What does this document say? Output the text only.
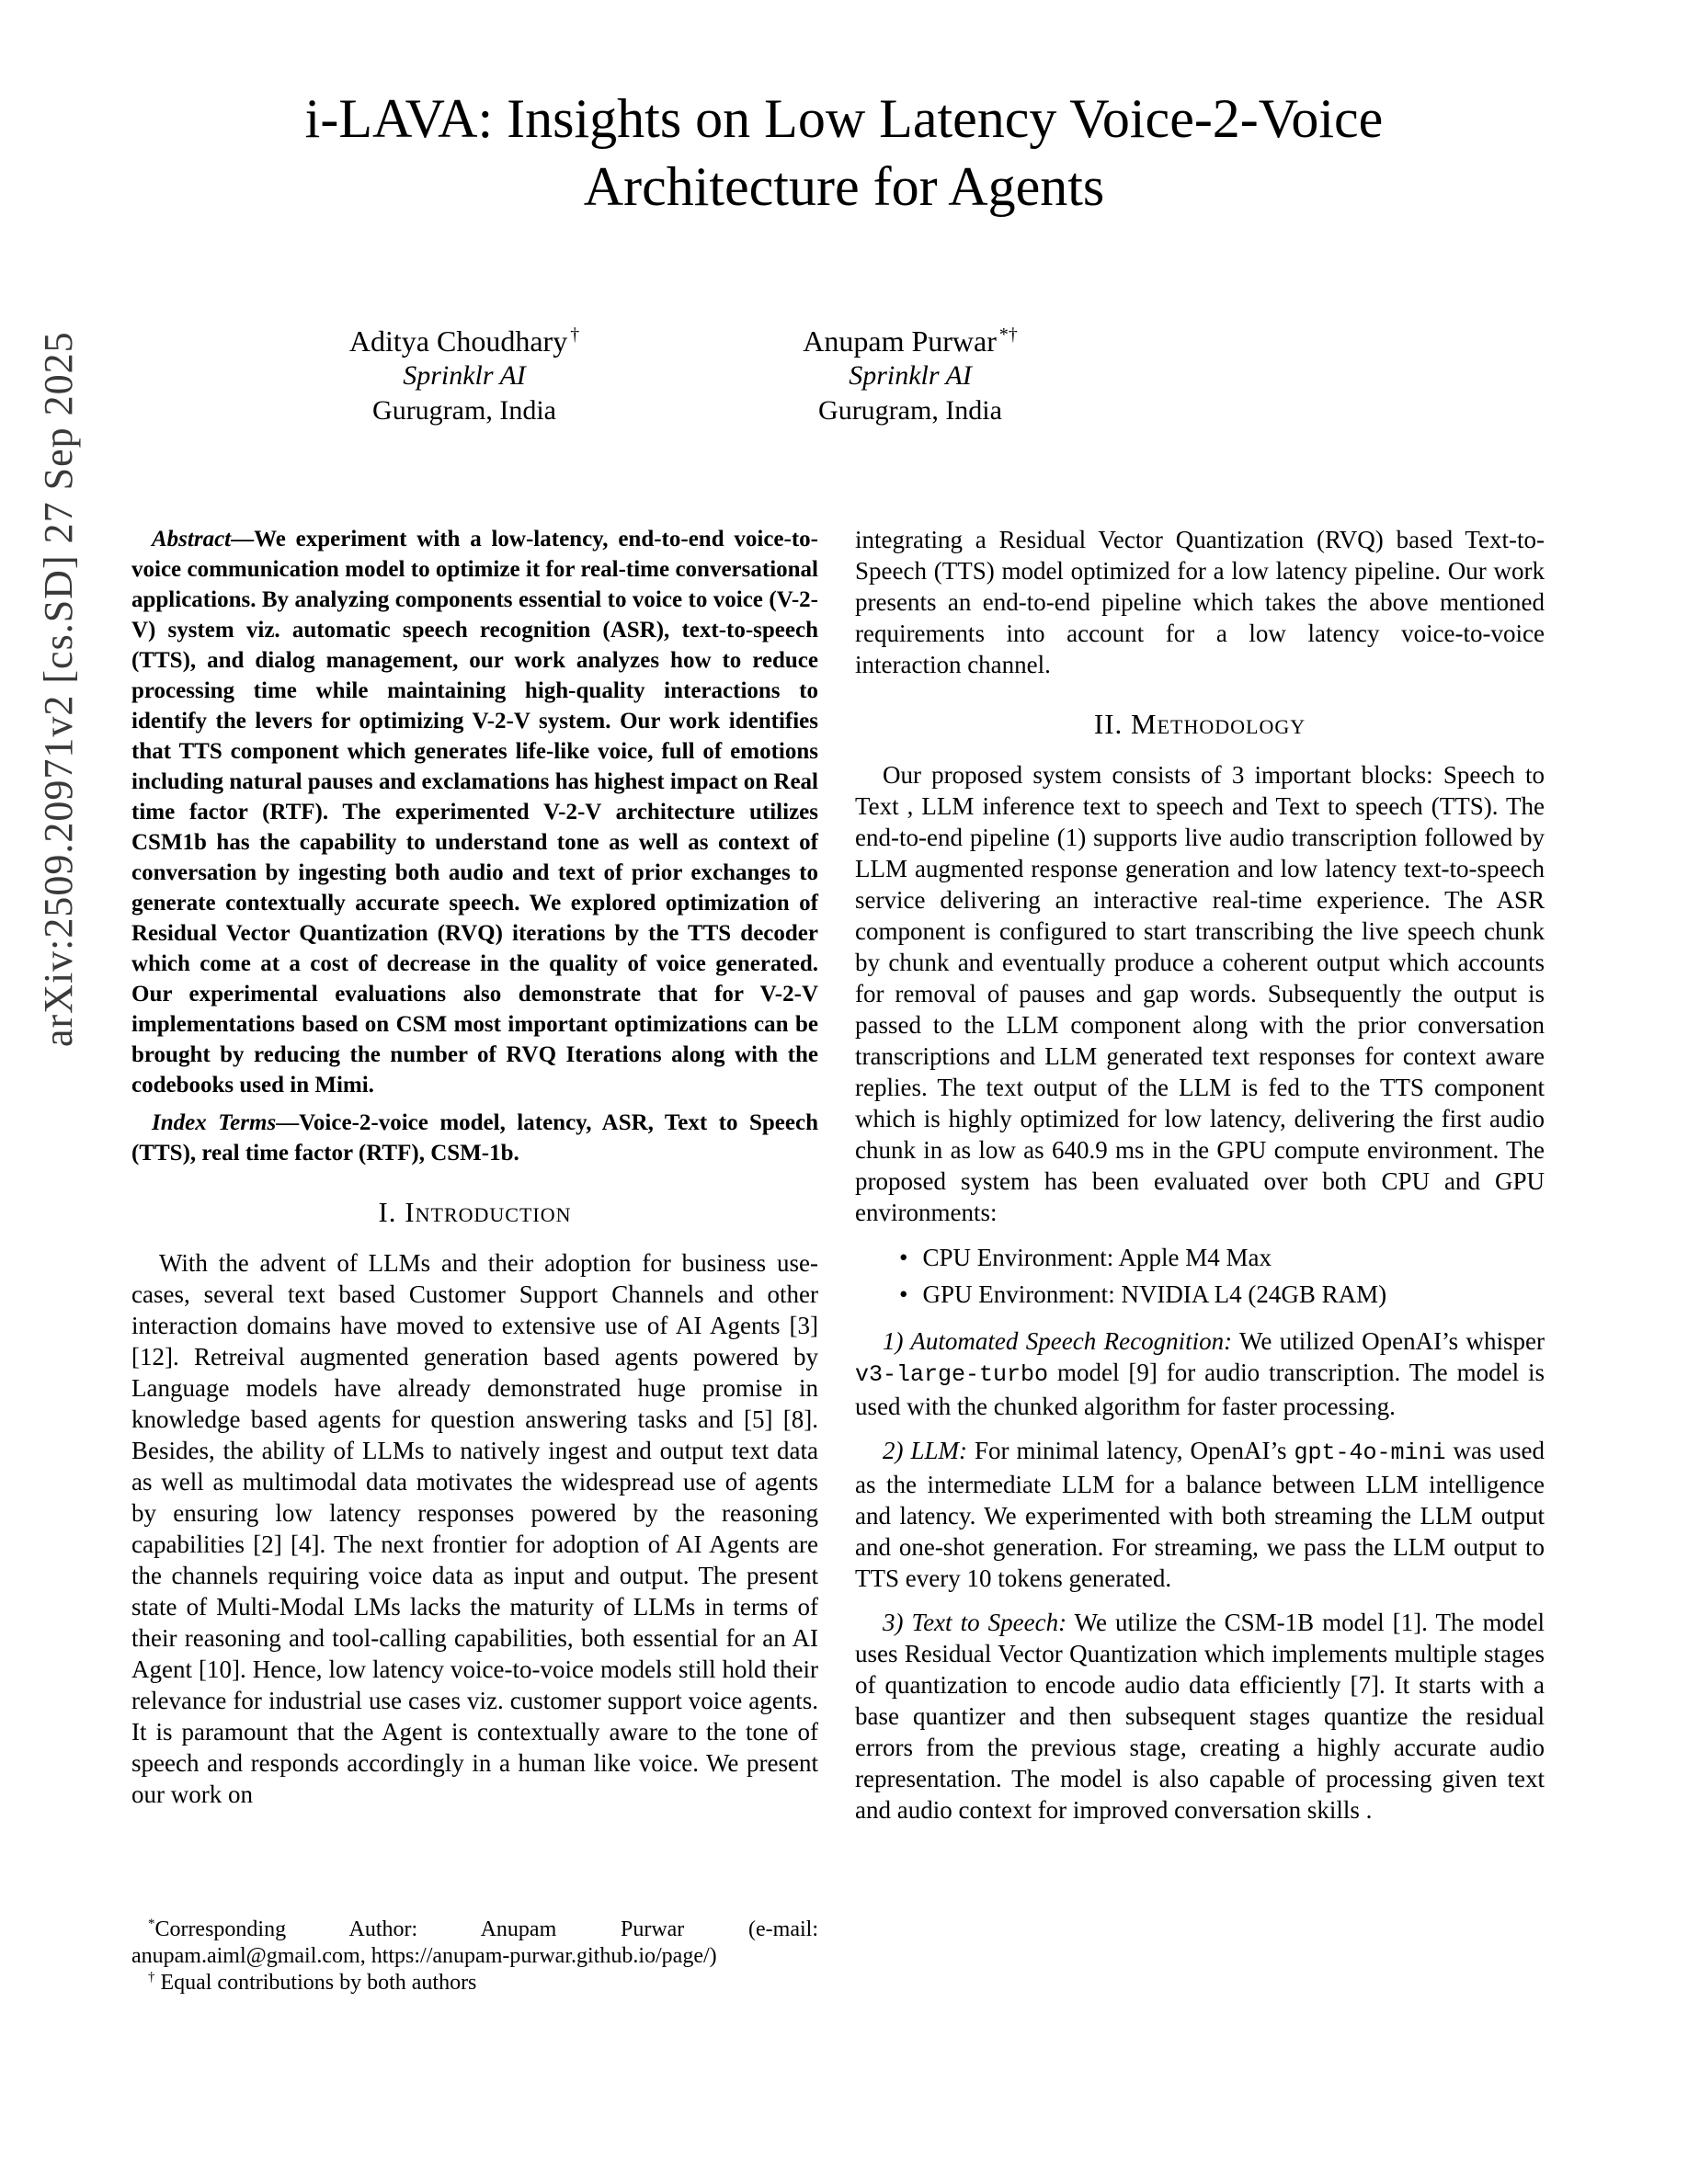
arXiv:2509.20971v2 [cs.SD] 27 Sep 2025
i-LAVA: Insights on Low Latency Voice-2-Voice
Architecture for Agents
Aditya Choudhary †
Sprinklr AI
Gurugram, India
Anupam Purwar *†
Sprinklr AI
Gurugram, India

Abstract—We experiment with a low-latency, end-to-end voice-to-voice communication model to optimize it for real-time conversational applications. By analyzing components essential to voice to voice (V-2-V) system viz. automatic speech recognition (ASR), text-to-speech (TTS), and dialog management, our work analyzes how to reduce processing time while maintaining high-quality interactions to identify the levers for optimizing V-2-V system. Our work identifies that TTS component which generates life-like voice, full of emotions including natural pauses and exclamations has highest impact on Real time factor (RTF). The experimented V-2-V architecture utilizes CSM1b has the capability to understand tone as well as context of conversation by ingesting both audio and text of prior exchanges to generate contextually accurate speech. We explored optimization of Residual Vector Quantization (RVQ) iterations by the TTS decoder which come at a cost of decrease in the quality of voice generated. Our experimental evaluations also demonstrate that for V-2-V implementations based on CSM most important optimizations can be brought by reducing the number of RVQ Iterations along with the codebooks used in Mimi.

Index Terms—Voice-2-voice model, latency, ASR, Text to Speech (TTS), real time factor (RTF), CSM-1b.

I. Introduction

With the advent of LLMs and their adoption for business use-cases, several text based Customer Support Channels and other interaction domains have moved to extensive use of AI Agents [3] [12]. Retreival augmented generation based agents powered by Language models have already demonstrated huge promise in knowledge based agents for question answering tasks and [5] [8]. Besides, the ability of LLMs to natively ingest and output text data as well as multimodal data motivates the widespread use of agents by ensuring low latency responses powered by the reasoning capabilities [2] [4]. The next frontier for adoption of AI Agents are the channels requiring voice data as input and output. The present state of Multi-Modal LMs lacks the maturity of LLMs in terms of their reasoning and tool-calling capabilities, both essential for an AI Agent [10]. Hence, low latency voice-to-voice models still hold their relevance for industrial use cases viz. customer support voice agents. It is paramount that the Agent is contextually aware to the tone of speech and responds accordingly in a human like voice. We present our work on

*Corresponding Author: Anupam Purwar (e-mail: anupam.aiml@gmail.com, https://anupam-purwar.github.io/page/)

† Equal contributions by both authors

integrating a Residual Vector Quantization (RVQ) based Text-to-Speech (TTS) model optimized for a low latency pipeline. Our work presents an end-to-end pipeline which takes the above mentioned requirements into account for a low latency voice-to-voice interaction channel.

II. Methodology

Our proposed system consists of 3 important blocks: Speech to Text , LLM inference text to speech and Text to speech (TTS). The end-to-end pipeline (1) supports live audio transcription followed by LLM augmented response generation and low latency text-to-speech service delivering an interactive real-time experience. The ASR component is configured to start transcribing the live speech chunk by chunk and eventually produce a coherent output which accounts for removal of pauses and gap words. Subsequently the output is passed to the LLM component along with the prior conversation transcriptions and LLM generated text responses for context aware replies. The text output of the LLM is fed to the TTS component which is highly optimized for low latency, delivering the first audio chunk in as low as 640.9 ms in the GPU compute environment. The proposed system has been evaluated over both CPU and GPU environments:

• CPU Environment: Apple M4 Max
• GPU Environment: NVIDIA L4 (24GB RAM)

1) Automated Speech Recognition: We utilized OpenAI’s whisper v3-large-turbo model [9] for audio transcription. The model is used with the chunked algorithm for faster processing.

2) LLM: For minimal latency, OpenAI’s gpt-4o-mini was used as the intermediate LLM for a balance between LLM intelligence and latency. We experimented with both streaming the LLM output and one-shot generation. For streaming, we pass the LLM output to TTS every 10 tokens generated.

3) Text to Speech: We utilize the CSM-1B model [1]. The model uses Residual Vector Quantization which implements multiple stages of quantization to encode audio data efficiently [7]. It starts with a base quantizer and then subsequent stages quantize the residual errors from the previous stage, creating a highly accurate audio representation. The model is also capable of processing given text and audio context for improved conversation skills .
